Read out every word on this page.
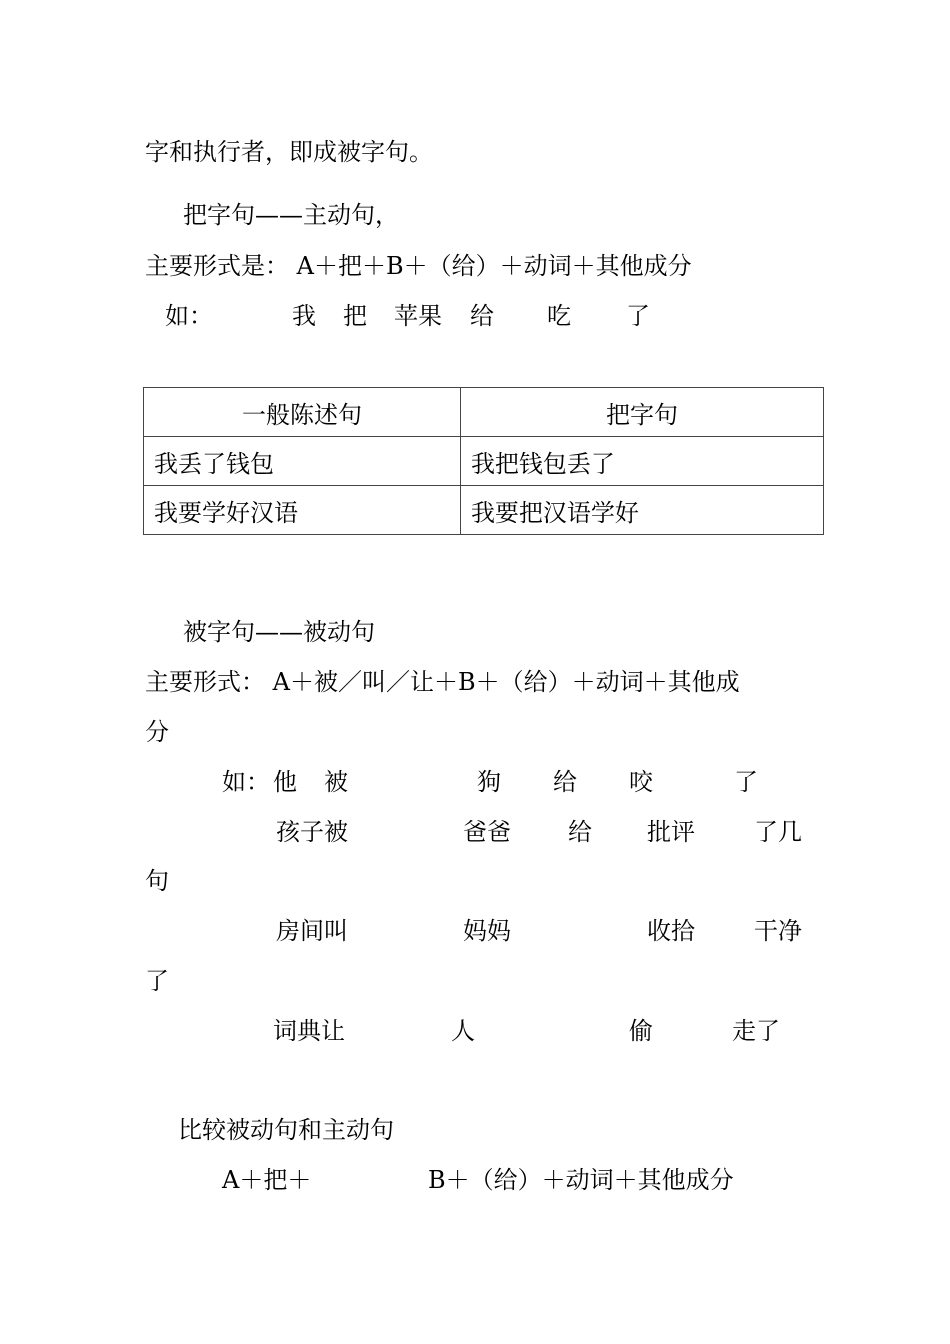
字和执行者，即成被字句。
把字句——主动句，
主要形式是： A＋把＋B＋（给）＋动词＋其他成分
如：	我 把 苹果 给 吃 了
一般陈述句	把字句
我丢了钱包	我把钱包丢了
我要学好汉语	我要把汉语学好
被字句——被动句
主要形式： A＋被／叫／让＋B＋（给）＋动词＋其他成
分
如： 他 被	狗 给 咬	了
孩子被	爸爸 给 批评 了几
句
房间叫	妈妈	收拾 干净
了
词典让	人	偷	走了
比较被动句和主动句
A＋把＋	B＋（给）＋动词＋其他成分
